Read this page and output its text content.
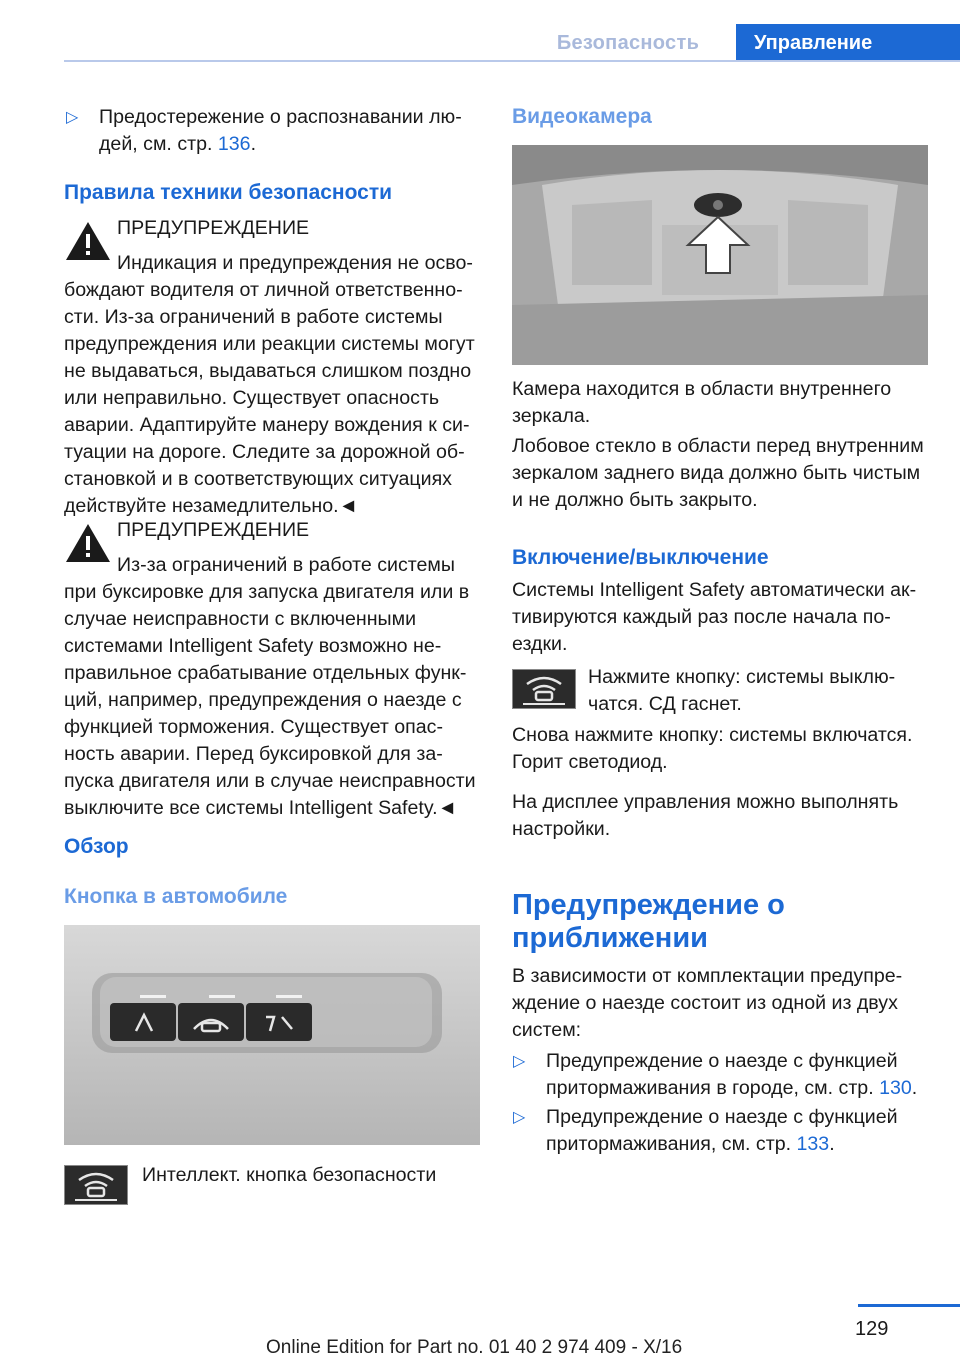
Безопасность	Управление
▷ Предостережение о распознавании лю-
дей, см. стр. 136.

Правила техники безопасности

ПРЕДУПРЕЖДЕНИЕ

Индикация и предупреждения не осво-

бождают водителя от личной ответственно-

сти. Из-за ограничений в работе системы

предупреждения или реакции системы могут

не выдаваться, выдаваться слишком поздно

или неправильно. Существует опасность

аварии. Адаптируйте манеру вождения к си-

туации на дороге. Следите за дорожной об-

становкой и в соответствующих ситуациях

действуйте незамедлительно.◄

ПРЕДУПРЕЖДЕНИЕ

Из-за ограничений в работе системы

при буксировке для запуска двигателя или в

случае неисправности с включенными

системами Intelligent Safety возможно не-

правильное срабатывание отдельных функ-

ций, например, предупреждения о наезде с

функцией торможения. Существует опас-

ность аварии. Перед буксировкой для за-

пуска двигателя или в случае неисправности

выключите все системы Intelligent Safety.◄

Обзор
Кнопка в автомобиле

Интеллект. кнопка безопасности

Видеокамера

Камера находится в области внутреннего

зеркала.

Лобовое стекло в области перед внутренним

зеркалом заднего вида должно быть чистым

и не должно быть закрыто.

Включение/выключение

Системы Intelligent Safety автоматически ак-

тивируются каждый раз после начала по-

ездки.

Нажмите кнопку: системы выклю-

чатся. СД гаснет.

Снова нажмите кнопку: системы включатся.

Горит светодиод.

На дисплее управления можно выполнять

настройки.

Предупреждение о
приближении

В зависимости от комплектации предупре-

ждение о наезде состоит из одной из двух

систем:

▷ Предупреждение о наезде с функцией
притормаживания в городе, см. стр. 130.

▷ Предупреждение о наезде с функцией
притормаживания, см. стр. 133.

129
Online Edition for Part no. 01 40 2 974 409 - X/16
